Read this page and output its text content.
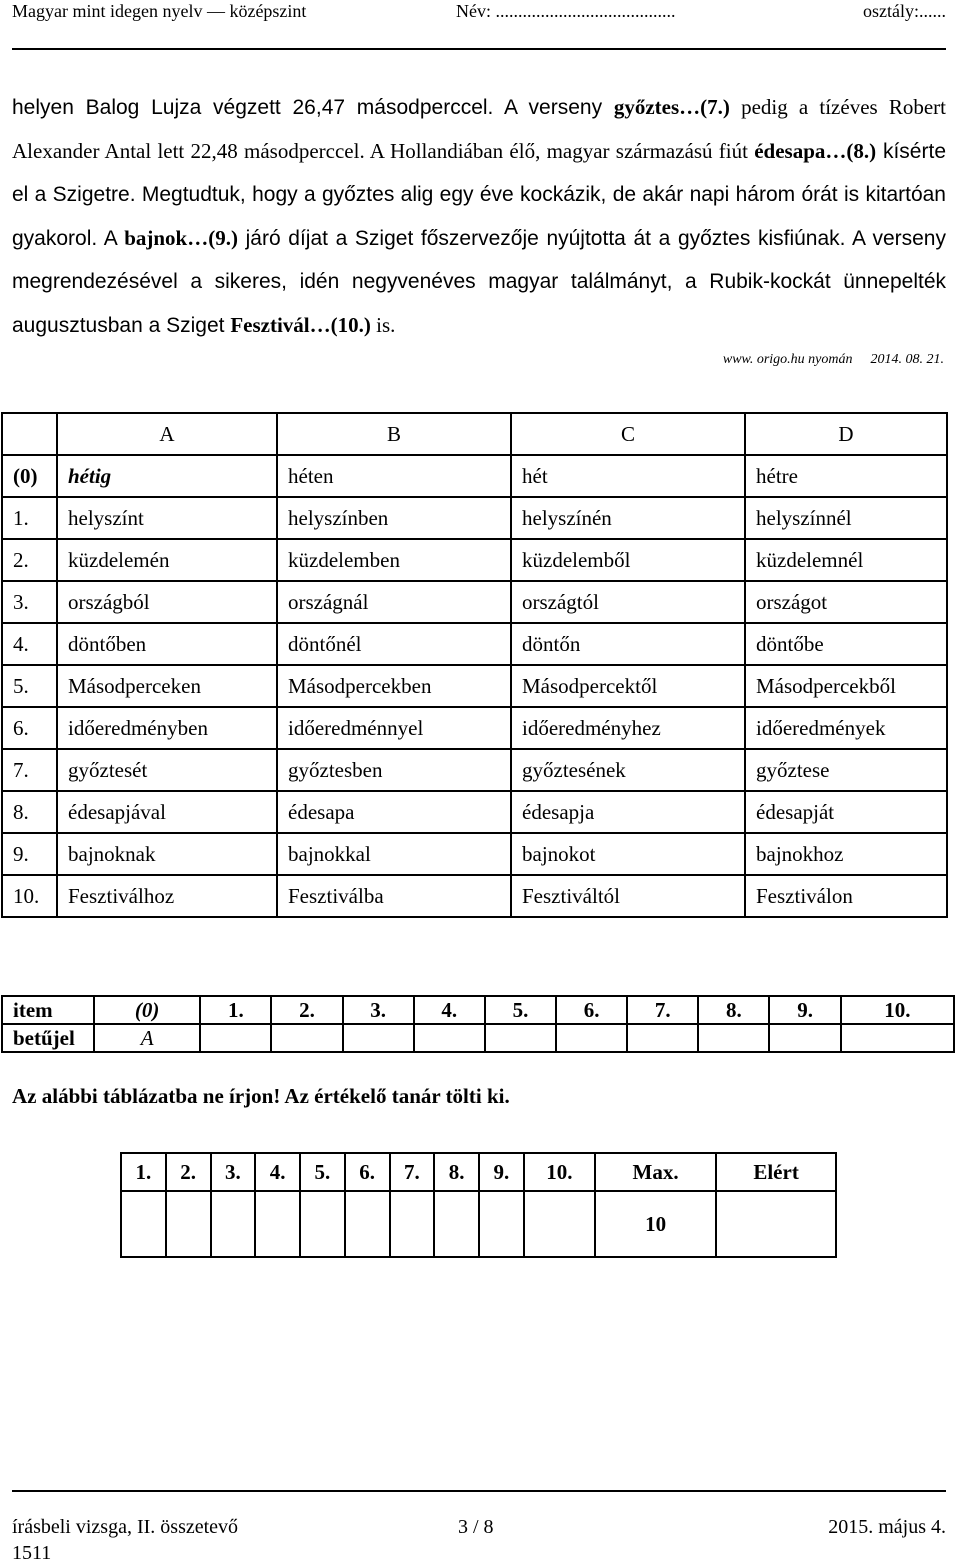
Magyar mint idegen nyelv — középszint	Név: ........................................	osztály:......
helyen Balog Lujza végzett 26,47 másodperccel. A verseny győztes…(7.) pedig a tízéves Robert Alexander Antal lett 22,48 másodperccel. A Hollandiában élő, magyar származású fiút édesapa…(8.) kísérte el a Szigetre. Megtudtuk, hogy a győztes alig egy éve kockázik, de akár napi három órát is kitartóan gyakorol. A bajnok…(9.) járó díjat a Sziget főszervezője nyújtotta át a győztes kisfiúnak. A verseny megrendezésével a sikeres, idén negyvenéves magyar találmányt, a Rubik-kockát ünnepelték augusztusban a Sziget Fesztivál…(10.) is.
www. origo.hu nyomán 2014. 08. 21.
	A	B	C	D
(0)	hétig	héten	hét	hétre
1.	helyszínt	helyszínben	helyszínén	helyszínnél
2.	küzdelemén	küzdelemben	küzdelemből	küzdelemnél
3.	országból	országnál	országtól	országot
4.	döntőben	döntőnél	döntőn	döntőbe
5.	Másodperceken	Másodpercekben	Másodpercektől	Másodpercekből
6.	időeredményben	időeredménnyel	időeredményhez	időeredmények
7.	győztesét	győztesben	győztesének	győztese
8.	édesapjával	édesapa	édesapja	édesapját
9.	bajnoknak	bajnokkal	bajnokot	bajnokhoz
10.	Fesztiválhoz	Fesztiválba	Fesztiváltól	Fesztiválon
item	(0)	1.	2.	3.	4.	5.	6.	7.	8.	9.	10.
betűjel	A										
Az alábbi táblázatba ne írjon! Az értékelő tanár tölti ki.
1.	2.	3.	4.	5.	6.	7.	8.	9.	10.	Max.	Elért
										10	
írásbeli vizsga, II. összetevő	3 / 8	2015. május 4.
1511
